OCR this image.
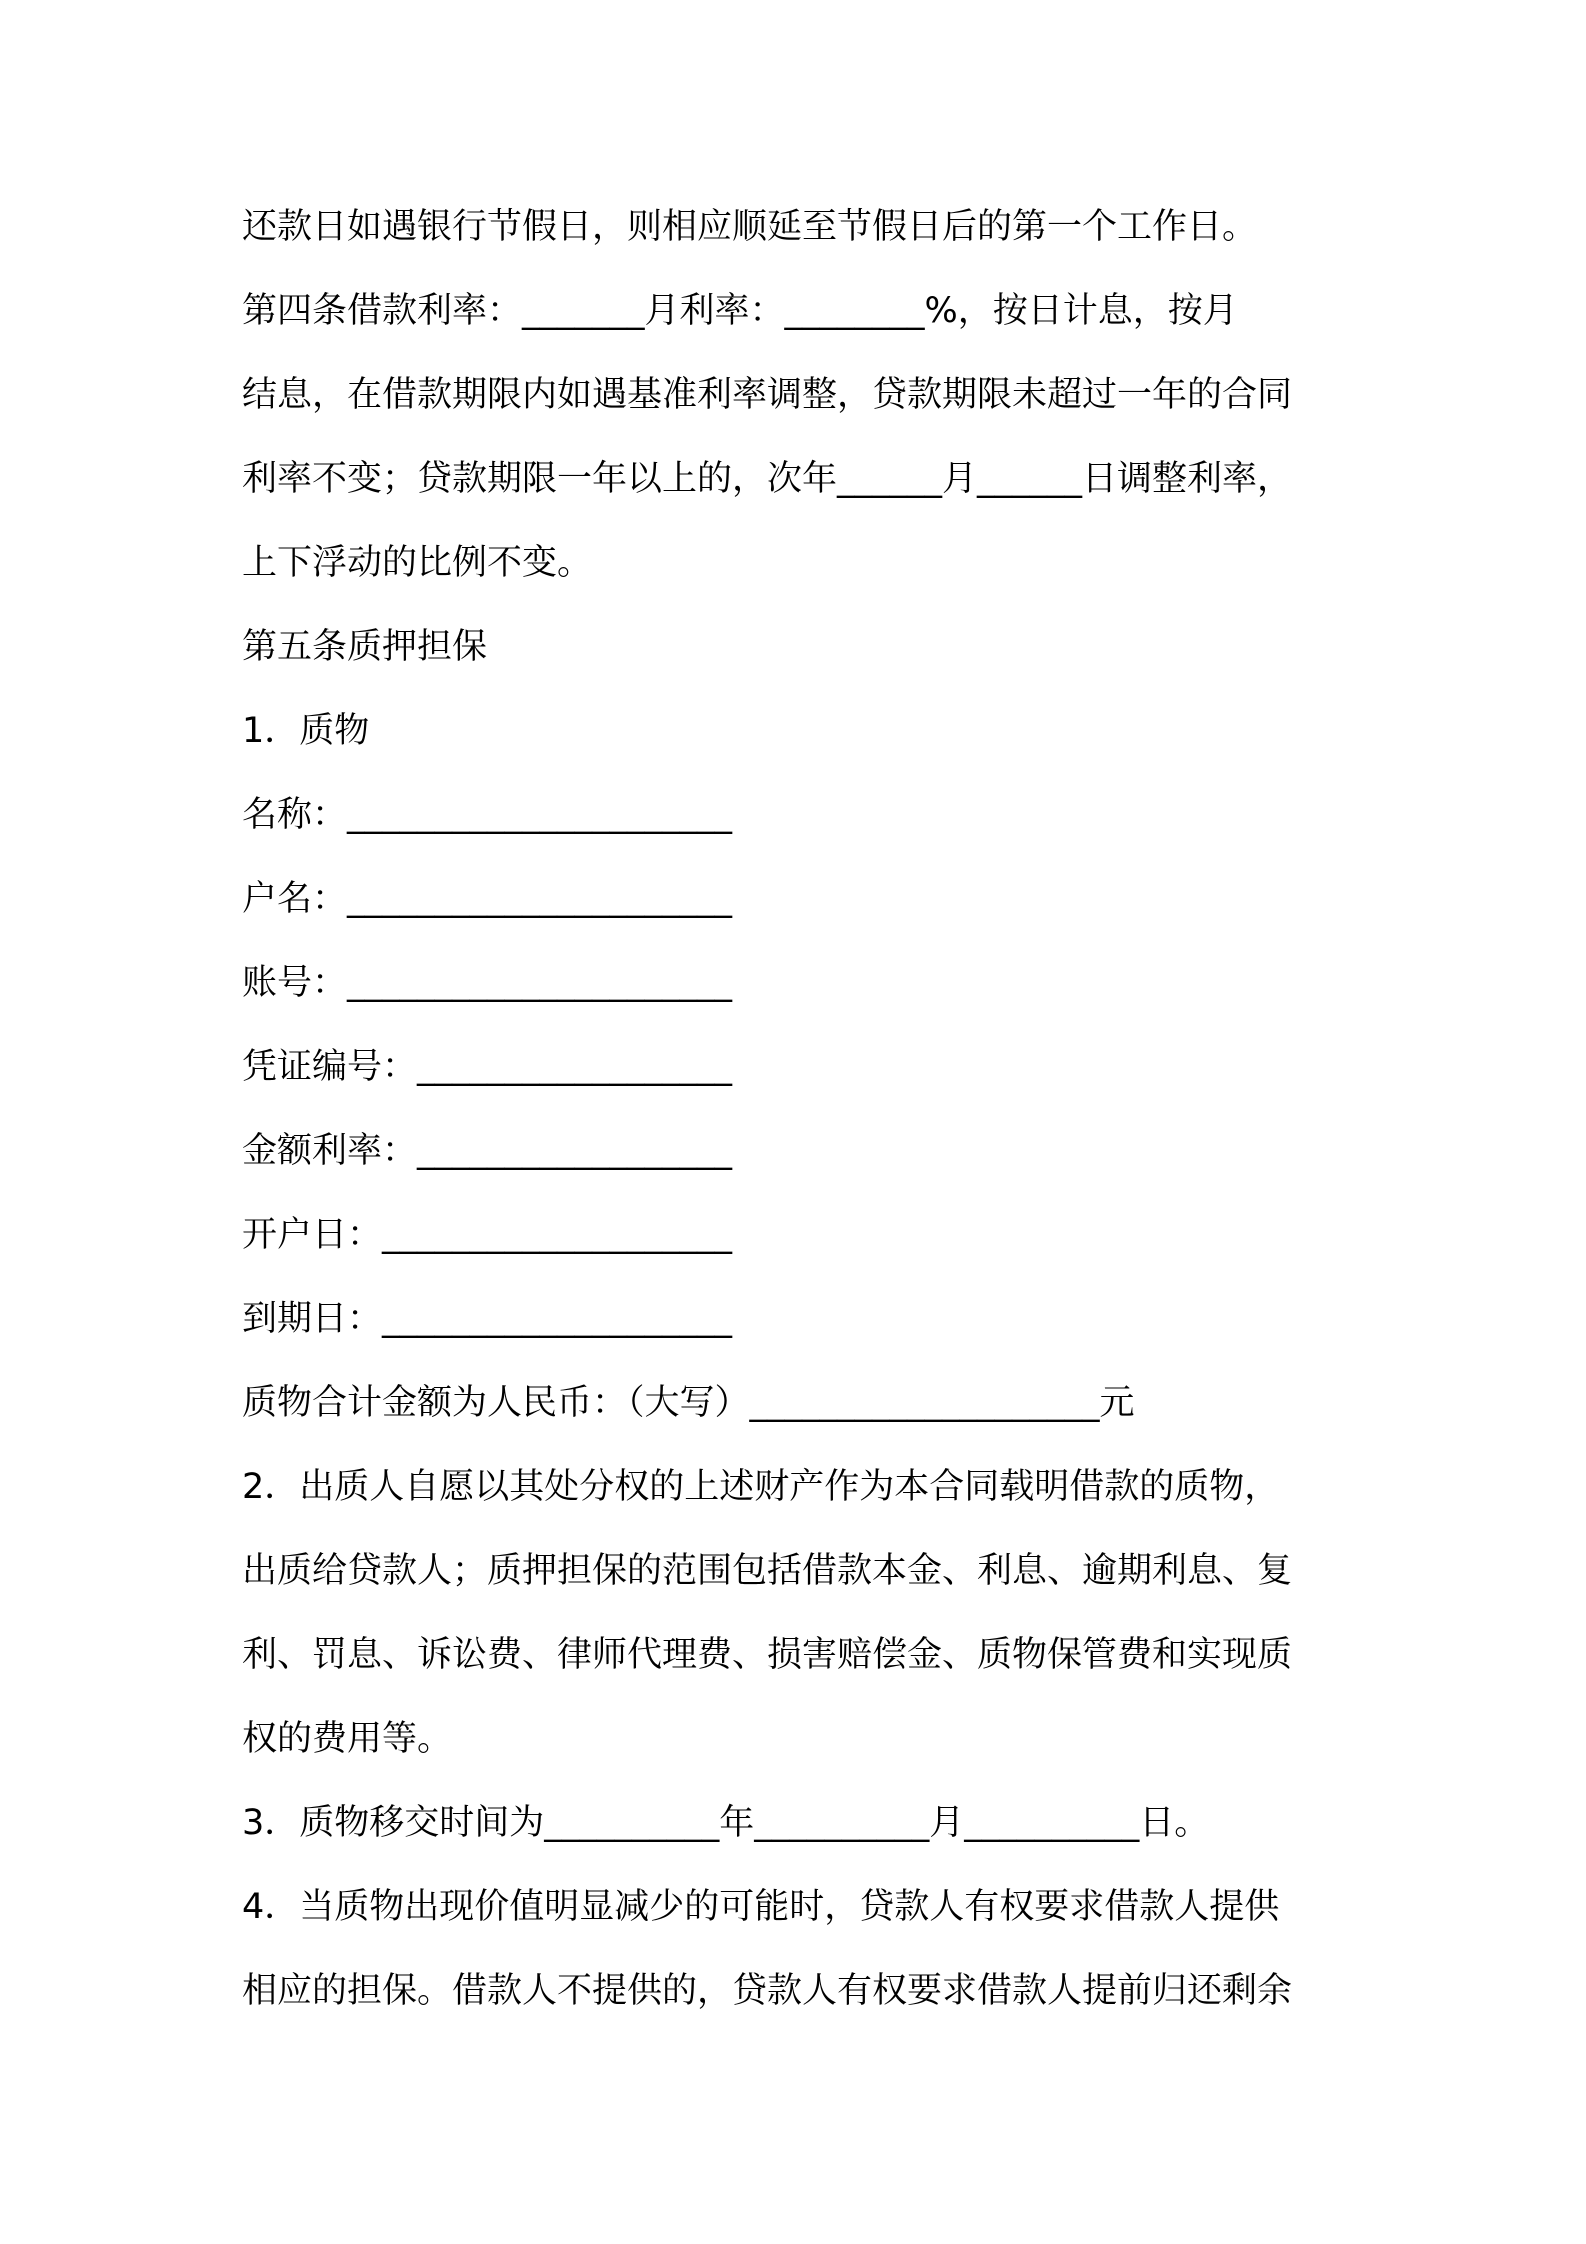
还款日如遇银行节假日，则相应顺延至节假日后的第一个工作日。
第四条借款利率：_______月利率：________%，按日计息，按月
结息，在借款期限内如遇基准利率调整，贷款期限未超过一年的合同
利率不变；贷款期限一年以上的，次年______月______日调整利率，
上下浮动的比例不变。
第五条质押担保
1．质物
名称：______________________
户名：______________________
账号：______________________
凭证编号：__________________
金额利率：__________________
开户日：____________________
到期日：____________________
质物合计金额为人民币：（大写）____________________元
2．出质人自愿以其处分权的上述财产作为本合同载明借款的质物，
出质给贷款人；质押担保的范围包括借款本金、利息、逾期利息、复
利、罚息、诉讼费、律师代理费、损害赔偿金、质物保管费和实现质
权的费用等。
3．质物移交时间为__________年__________月__________日。
4．当质物出现价值明显减少的可能时，贷款人有权要求借款人提供
相应的担保。借款人不提供的，贷款人有权要求借款人提前归还剩余
